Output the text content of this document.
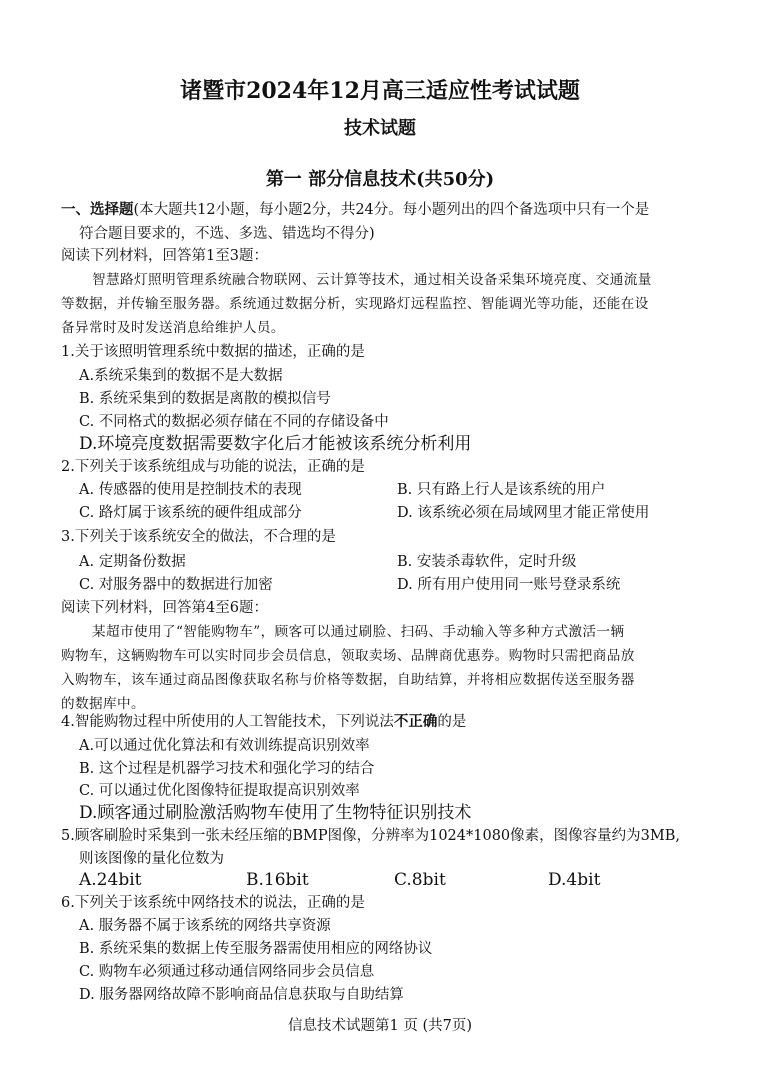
诸暨市2024年12月高三适应性考试试题
技术试题
第一 部分信息技术(共50分)
一、选择题(本大题共12小题，每小题2分，共24分。每小题列出的四个备选项中只有一个是
符合题目要求的，不选、多选、错选均不得分)
阅读下列材料，回答第1至3题：
智慧路灯照明管理系统融合物联网、云计算等技术，通过相关设备采集环境亮度、交通流量
等数据，并传输至服务器。系统通过数据分析，实现路灯远程监控、智能调光等功能，还能在设
备异常时及时发送消息给维护人员。
1.关于该照明管理系统中数据的描述，正确的是
A.系统采集到的数据不是大数据
B. 系统采集到的数据是离散的模拟信号
C. 不同格式的数据必须存储在不同的存储设备中
D.环境亮度数据需要数字化后才能被该系统分析利用
2.下列关于该系统组成与功能的说法，正确的是
A. 传感器的使用是控制技术的表现	B. 只有路上行人是该系统的用户
C. 路灯属于该系统的硬件组成部分	D. 该系统必须在局域网里才能正常使用
3.下列关于该系统安全的做法，不合理的是
A. 定期备份数据	B. 安装杀毒软件，定时升级
C. 对服务器中的数据进行加密	D. 所有用户使用同一账号登录系统
阅读下列材料，回答第4至6题：
某超市使用了“智能购物车”，顾客可以通过刷脸、扫码、手动输入等多种方式激活一辆
购物车，这辆购物车可以实时同步会员信息，领取卖场、品牌商优惠券。购物时只需把商品放
入购物车，该车通过商品图像获取名称与价格等数据，自助结算，并将相应数据传送至服务器
的数据库中。
4.智能购物过程中所使用的人工智能技术，下列说法不正确的是
A.可以通过优化算法和有效训练提高识别效率
B. 这个过程是机器学习技术和强化学习的结合
C. 可以通过优化图像特征提取提高识别效率
D.顾客通过刷脸激活购物车使用了生物特征识别技术
5.顾客刷脸时采集到一张未经压缩的BMP图像，分辨率为1024*1080像素，图像容量约为3MB,
则该图像的量化位数为
A.24bit	B.16bit	C.8bit	D.4bit
6.下列关于该系统中网络技术的说法，正确的是
A. 服务器不属于该系统的网络共享资源
B. 系统采集的数据上传至服务器需使用相应的网络协议
C. 购物车必须通过移动通信网络同步会员信息
D. 服务器网络故障不影响商品信息获取与自助结算
信息技术试题第1 页 (共7页)
